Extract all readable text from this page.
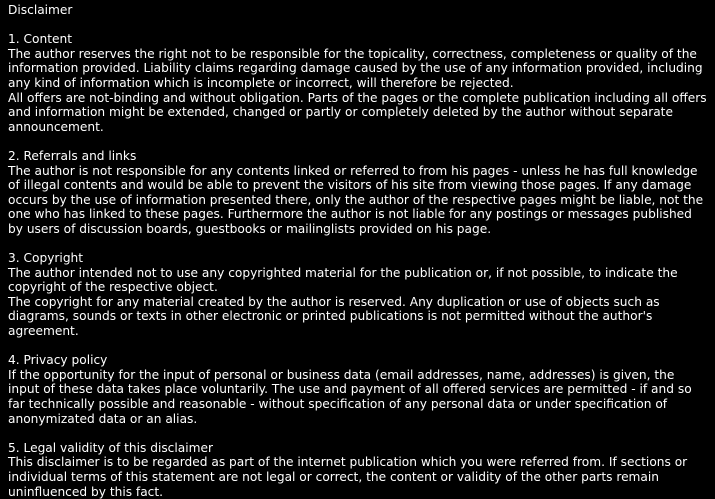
Disclaimer
1. Content
The author reserves the right not to be responsible for the topicality, correctness, completeness or quality of the information provided. Liability claims regarding damage caused by the use of any information provided, including any kind of information which is incomplete or incorrect, will therefore be rejected.
All offers are not-binding and without obligation. Parts of the pages or the complete publication including all offers and information might be extended, changed or partly or completely deleted by the author without separate announcement.
2. Referrals and links
The author is not responsible for any contents linked or referred to from his pages - unless he has full knowledge of illegal contents and would be able to prevent the visitors of his site from viewing those pages. If any damage occurs by the use of information presented there, only the author of the respective pages might be liable, not the one who has linked to these pages. Furthermore the author is not liable for any postings or messages published by users of discussion boards, guestbooks or mailinglists provided on his page.
3. Copyright
The author intended not to use any copyrighted material for the publication or, if not possible, to indicate the copyright of the respective object.
The copyright for any material created by the author is reserved. Any duplication or use of objects such as diagrams, sounds or texts in other electronic or printed publications is not permitted without the author's agreement.
4. Privacy policy
If the opportunity for the input of personal or business data (email addresses, name, addresses) is given, the input of these data takes place voluntarily. The use and payment of all offered services are permitted - if and so far technically possible and reasonable - without specification of any personal data or under specification of anonymizated data or an alias.
5. Legal validity of this disclaimer
This disclaimer is to be regarded as part of the internet publication which you were referred from. If sections or individual terms of this statement are not legal or correct, the content or validity of the other parts remain uninfluenced by this fact.
